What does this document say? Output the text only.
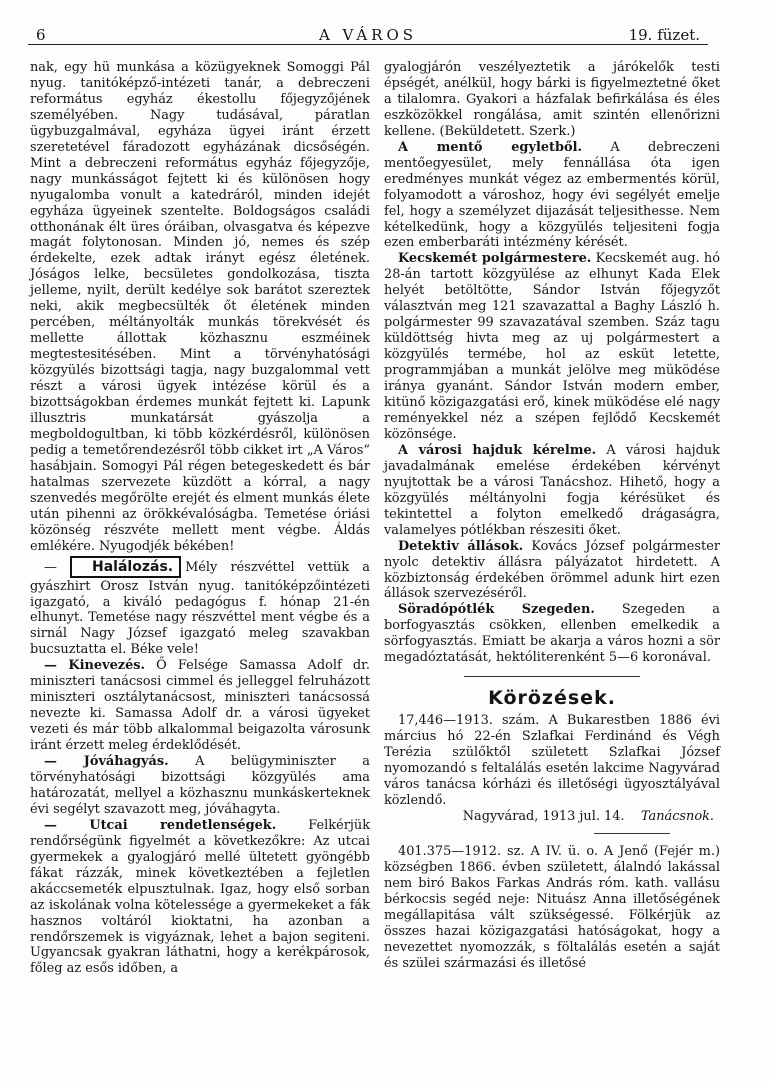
6	A VÁROS	19. füzet.

nak, egy hü munkása a közügyeknek Somoggi Pál nyug. tanitóképző-intézeti tanár, a debreczeni református egyház ékestollu főjegyzőjének személyében. Nagy tudásával, páratlan ügybuzgalmával, egyháza ügyei iránt érzett szeretetével fáradozott egyházának dicsőségén. Mint a debreczeni református egyház főjegyzője, nagy munkásságot fejtett ki és különösen hogy nyugalomba vonult a katedráról, minden idejét egyháza ügyeinek szentelte. Boldogságos családi otthonának élt üres óráiban, olvasgatva és képezve magát folytonosan. Minden jó, nemes és szép érdekelte, ezek adtak irányt egész életének. Jóságos lelke, becsületes gondolkozása, tiszta jelleme, nyilt, derült kedélye sok barátot szereztek neki, akik megbecsülték őt életének minden percében, méltányolták munkás törekvését és mellette állottak közhasznu eszméinek megtestesitésében. Mint a törvényhatósági közgyülés bizottsági tagja, nagy buzgalommal vett részt a városi ügyek intézése körül és a bizottságokban érdemes munkát fejtett ki. Lapunk illusztris munkatársát gyászolja a megboldogultban, ki több közkérdésről, különösen pedig a temetőrendezésről több cikket irt „A Város“ hasábjain. Somogyi Pál régen betegeskedett és bár hatalmas szervezete küzdött a kórral, a nagy szenvedés megőrölte erejét és elment munkás élete után pihenni az örökkévalóságba. Temetése óriási közönség részvéte mellett ment végbe. Áldás emlékére. Nyugodjék békében!

—	Halálozás. Mély részvéttel vettük a gyászhirt Orosz István nyug. tanitóképzőintézeti igazgató, a kiváló pedagógus f. hónap 21-én elhunyt. Temetése nagy részvéttel ment végbe és a sirnál Nagy József igazgató meleg szavakban bucsuztatta el. Béke vele!

— Kinevezés. Ő Felsége Samassa Adolf dr. miniszteri tanácsosi cimmel és jelleggel felruházott miniszteri osztálytanácsost, miniszteri tanácsossá nevezte ki. Samassa Adolf dr. a városi ügyeket vezeti és már több alkalommal beigazolta városunk iránt érzett meleg érdeklődését.

— Jóváhagyás. A belügyminiszter a törvényhatósági bizottsági közgyülés ama határozatát, mellyel a közhasznu munkáskerteknek évi segélyt szavazott meg, jóváhagyta.

— Utcai rendetlenségek. Felkérjük rendőrségünk figyelmét a következőkre: Az utcai gyermekek a gyalogjáró mellé ültetett gyöngébb fákat rázzák, minek következtében a fejletlen akáccsemeték elpusztulnak. Igaz, hogy első sorban az iskolának volna kötelessége a gyermekeket a fák hasznos voltáról kioktatni, ha azonban a rendőrszemek is vigyáznak, lehet a bajon segiteni. Ugyancsak gyakran láthatni, hogy a kerékpárosok, főleg az esős időben, a

gyalogjárón veszélyeztetik a járókelők testi épségét, anélkül, hogy bárki is figyelmeztetné őket a tilalomra. Gyakori a házfalak befirkálása és éles eszközökkel rongálása, amit szintén ellenőrizni kellene. (Beküldetett. Szerk.)

A mentő egyletből. A debreczeni mentőegyesület, mely fennállása óta igen eredményes munkát végez az embermentés körül, folyamodott a városhoz, hogy évi segélyét emelje fel, hogy a személyzet dijazását teljesithesse. Nem kételkedünk, hogy a közgyülés teljesiteni fogja ezen emberbaráti intézmény kérését.

Kecskemét polgármestere. Kecskemét aug. hó 28-án tartott közgyülése az elhunyt Kada Elek helyét betöltötte, Sándor István főjegyzőt választván meg 121 szavazattal a Baghy László h. polgármester 99 szavazatával szemben. Száz tagu küldöttség hivta meg az uj polgármestert a közgyülés termébe, hol az esküt letette, programmjában a munkát jelölve meg müködése iránya gyanánt. Sándor István modern ember, kitünő közigazgatási erő, kinek müködése elé nagy reményekkel néz a szépen fejlődő Kecskemét közönsége.

A városi hajduk kérelme. A városi hajduk javadalmának emelése érdekében kérvényt nyujtottak be a városi Tanácshoz. Hihető, hogy a közgyülés méltányolni fogja kérésüket és tekintettel a folyton emelkedő drágaságra, valamelyes pótlékban részesiti őket.

Detektiv állások. Kovács József polgármester nyolc detektiv állásra pályázatot hirdetett. A közbiztonság érdekében örömmel adunk hirt ezen állások szervezéséről.

Söradópótlék Szegeden. Szegeden a borfogyasztás csökken, ellenben emelkedik a sörfogyasztás. Emiatt be akarja a város hozni a sör megadóztatását, hektóliterenként 5—6 koronával.

Körözések.

17,446—1913. szám. A Bukarestben 1886 évi március hó 22-én Szlafkai Ferdinánd és Végh Terézia szülőktől született Szlafkai József nyomozandó s feltalálás esetén lakcime Nagyvárad város tanácsa kórházi és illetőségi ügyosztályával közlendő.

Nagyvárad, 1913 jul. 14. Tanácsnok.

401.375—1912. sz. A IV. ü. o. A Jenő (Fejér m.) községben 1866. évben született, álalndó lakással nem biró Bakos Farkas András róm. kath. vallásu bérkocsis segéd neje: Nituász Anna illetőségének megállapitása vált szükségessé. Fölkérjük az összes hazai közigazgatási hatóságokat, hogy a nevezettet nyomozzák, s föltalálás esetén a saját és szülei származási és illetősé
